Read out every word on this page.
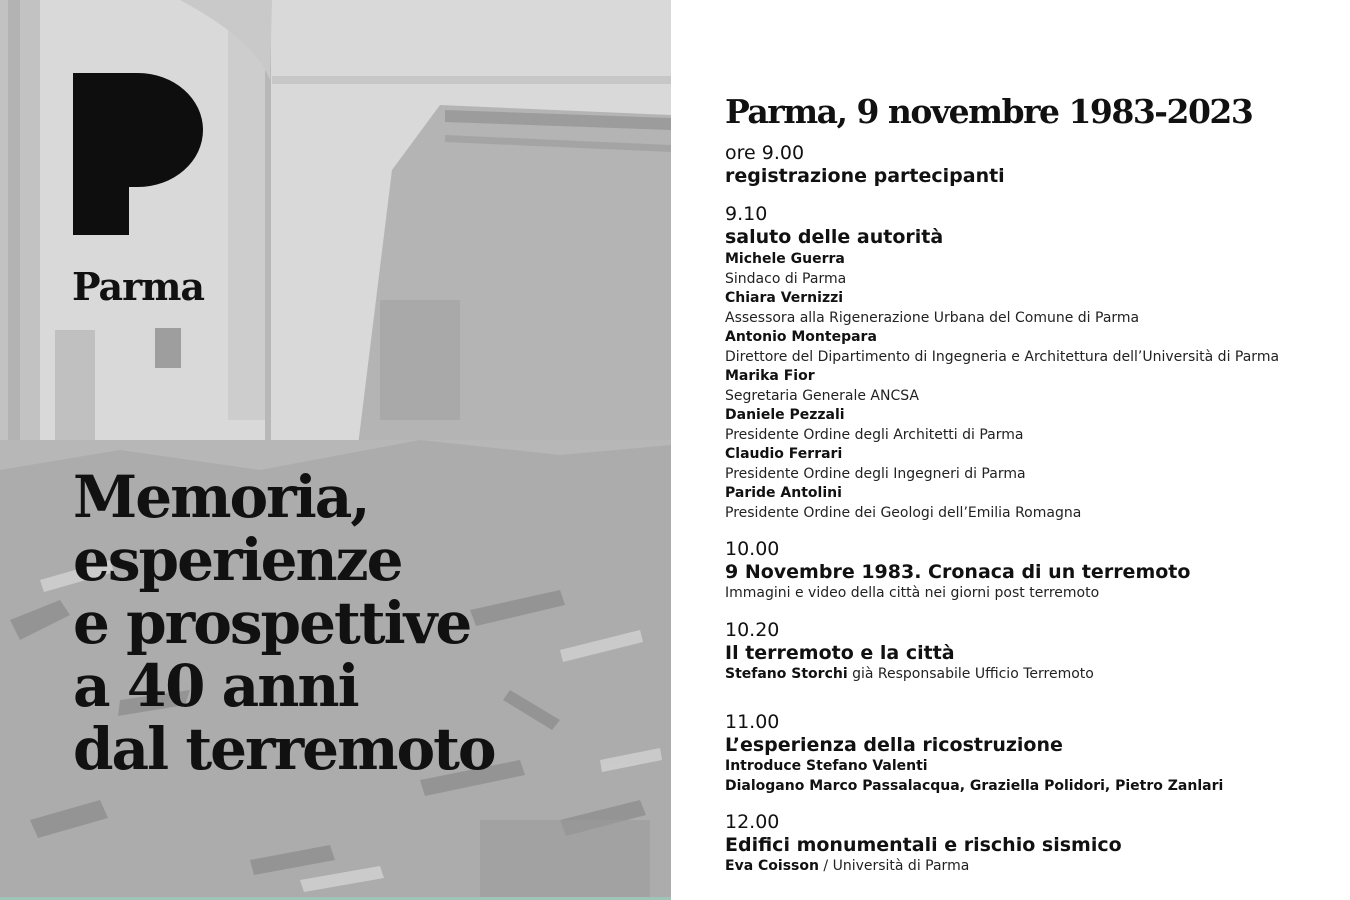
Parma
Memoria,
esperienze
e prospettive
a 40 anni
dal terremoto
Parma, 9 novembre 1983-2023
ore 9.00
registrazione partecipanti
9.10
saluto delle autorità
Michele Guerra
Sindaco di Parma
Chiara Vernizzi
Assessora alla Rigenerazione Urbana del Comune di Parma
Antonio Montepara
Direttore del Dipartimento di Ingegneria e Architettura dell’Università di Parma
Marika Fior
Segretaria Generale ANCSA
Daniele Pezzali
Presidente Ordine degli Architetti di Parma
Claudio Ferrari
Presidente Ordine degli Ingegneri di Parma
Paride Antolini
Presidente Ordine dei Geologi dell’Emilia Romagna
10.00
9 Novembre 1983. Cronaca di un terremoto
Immagini e video della città nei giorni post terremoto
10.20
Il terremoto e la città
Stefano Storchi già Responsabile Ufficio Terremoto
11.00
L’esperienza della ricostruzione
Introduce Stefano Valenti
Dialogano Marco Passalacqua, Graziella Polidori, Pietro Zanlari
12.00
Edifici monumentali e rischio sismico
Eva Coisson / Università di Parma
